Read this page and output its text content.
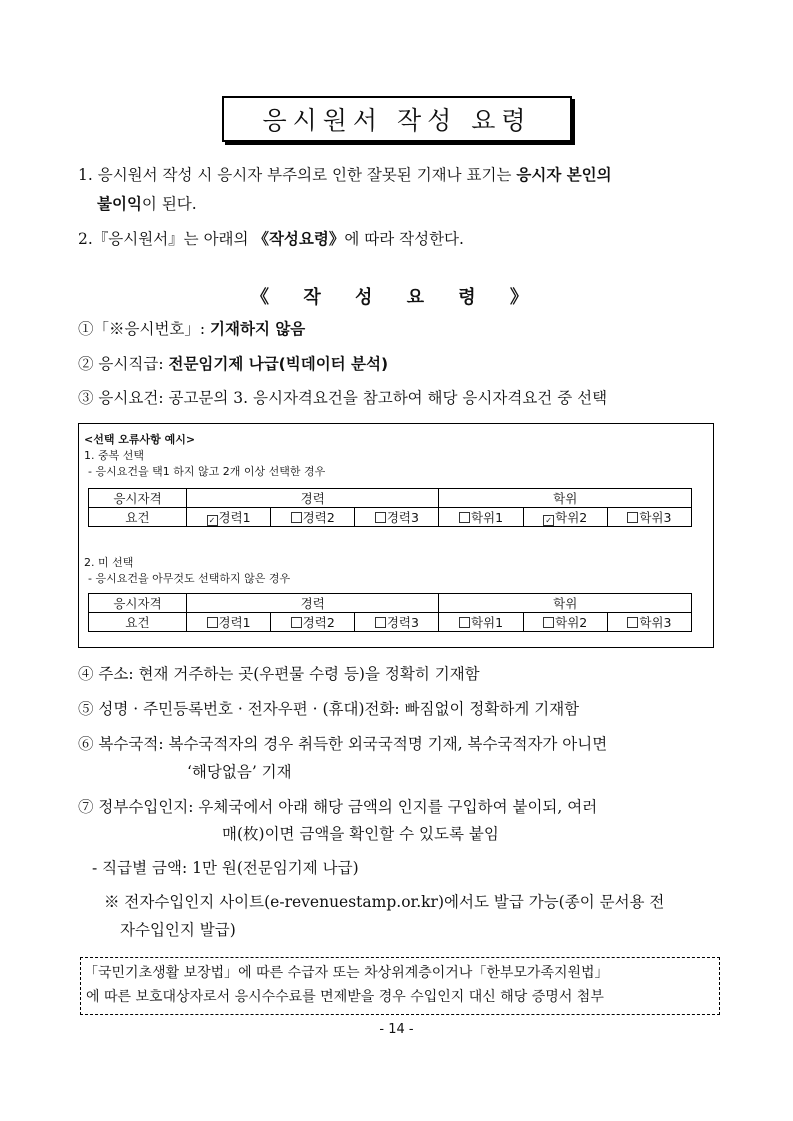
응시원서 작성 요령
1. 응시원서 작성 시 응시자 부주의로 인한 잘못된 기재나 표기는 응시자 본인의
불이익이 된다.
2.『응시원서』는 아래의 《작성요령》에 따라 작성한다.
《 작 성 요 령 》
①「※응시번호」: 기재하지 않음
② 응시직급: 전문임기제 나급(빅데이터 분석)
③ 응시요건: 공고문의 3. 응시자격요건을 참고하여 해당 응시자격요건 중 선택
<선택 오류사항 예시>
1. 중복 선택
- 응시요건을 택1 하지 않고 2개 이상 선택한 경우
응시자격	경력			학위		
요건	✓ 경력1	경력2	경력3	학위1	✓ 학위2	학위3
2. 미 선택
- 응시요건을 아무것도 선택하지 않은 경우
응시자격	경력			학위		
요건	경력1	경력2	경력3	학위1	학위2	학위3
④ 주소: 현재 거주하는 곳(우편물 수령 등)을 정확히 기재함
⑤ 성명 · 주민등록번호 · 전자우편 · (휴대)전화: 빠짐없이 정확하게 기재함
⑥ 복수국적: 복수국적자의 경우 취득한 외국국적명 기재, 복수국적자가 아니면
‘해당없음’ 기재
⑦ 정부수입인지: 우체국에서 아래 해당 금액의 인지를 구입하여 붙이되, 여러
매(枚)이면 금액을 확인할 수 있도록 붙임
- 직급별 금액: 1만 원(전문임기제 나급)
※ 전자수입인지 사이트(e-revenuestamp.or.kr)에서도 발급 가능(종이 문서용 전
자수입인지 발급)
「국민기초생활 보장법」에 따른 수급자 또는 차상위계층이거나「한부모가족지원법」
에 따른 보호대상자로서 응시수수료를 면제받을 경우 수입인지 대신 해당 증명서 첨부
- 14 -
